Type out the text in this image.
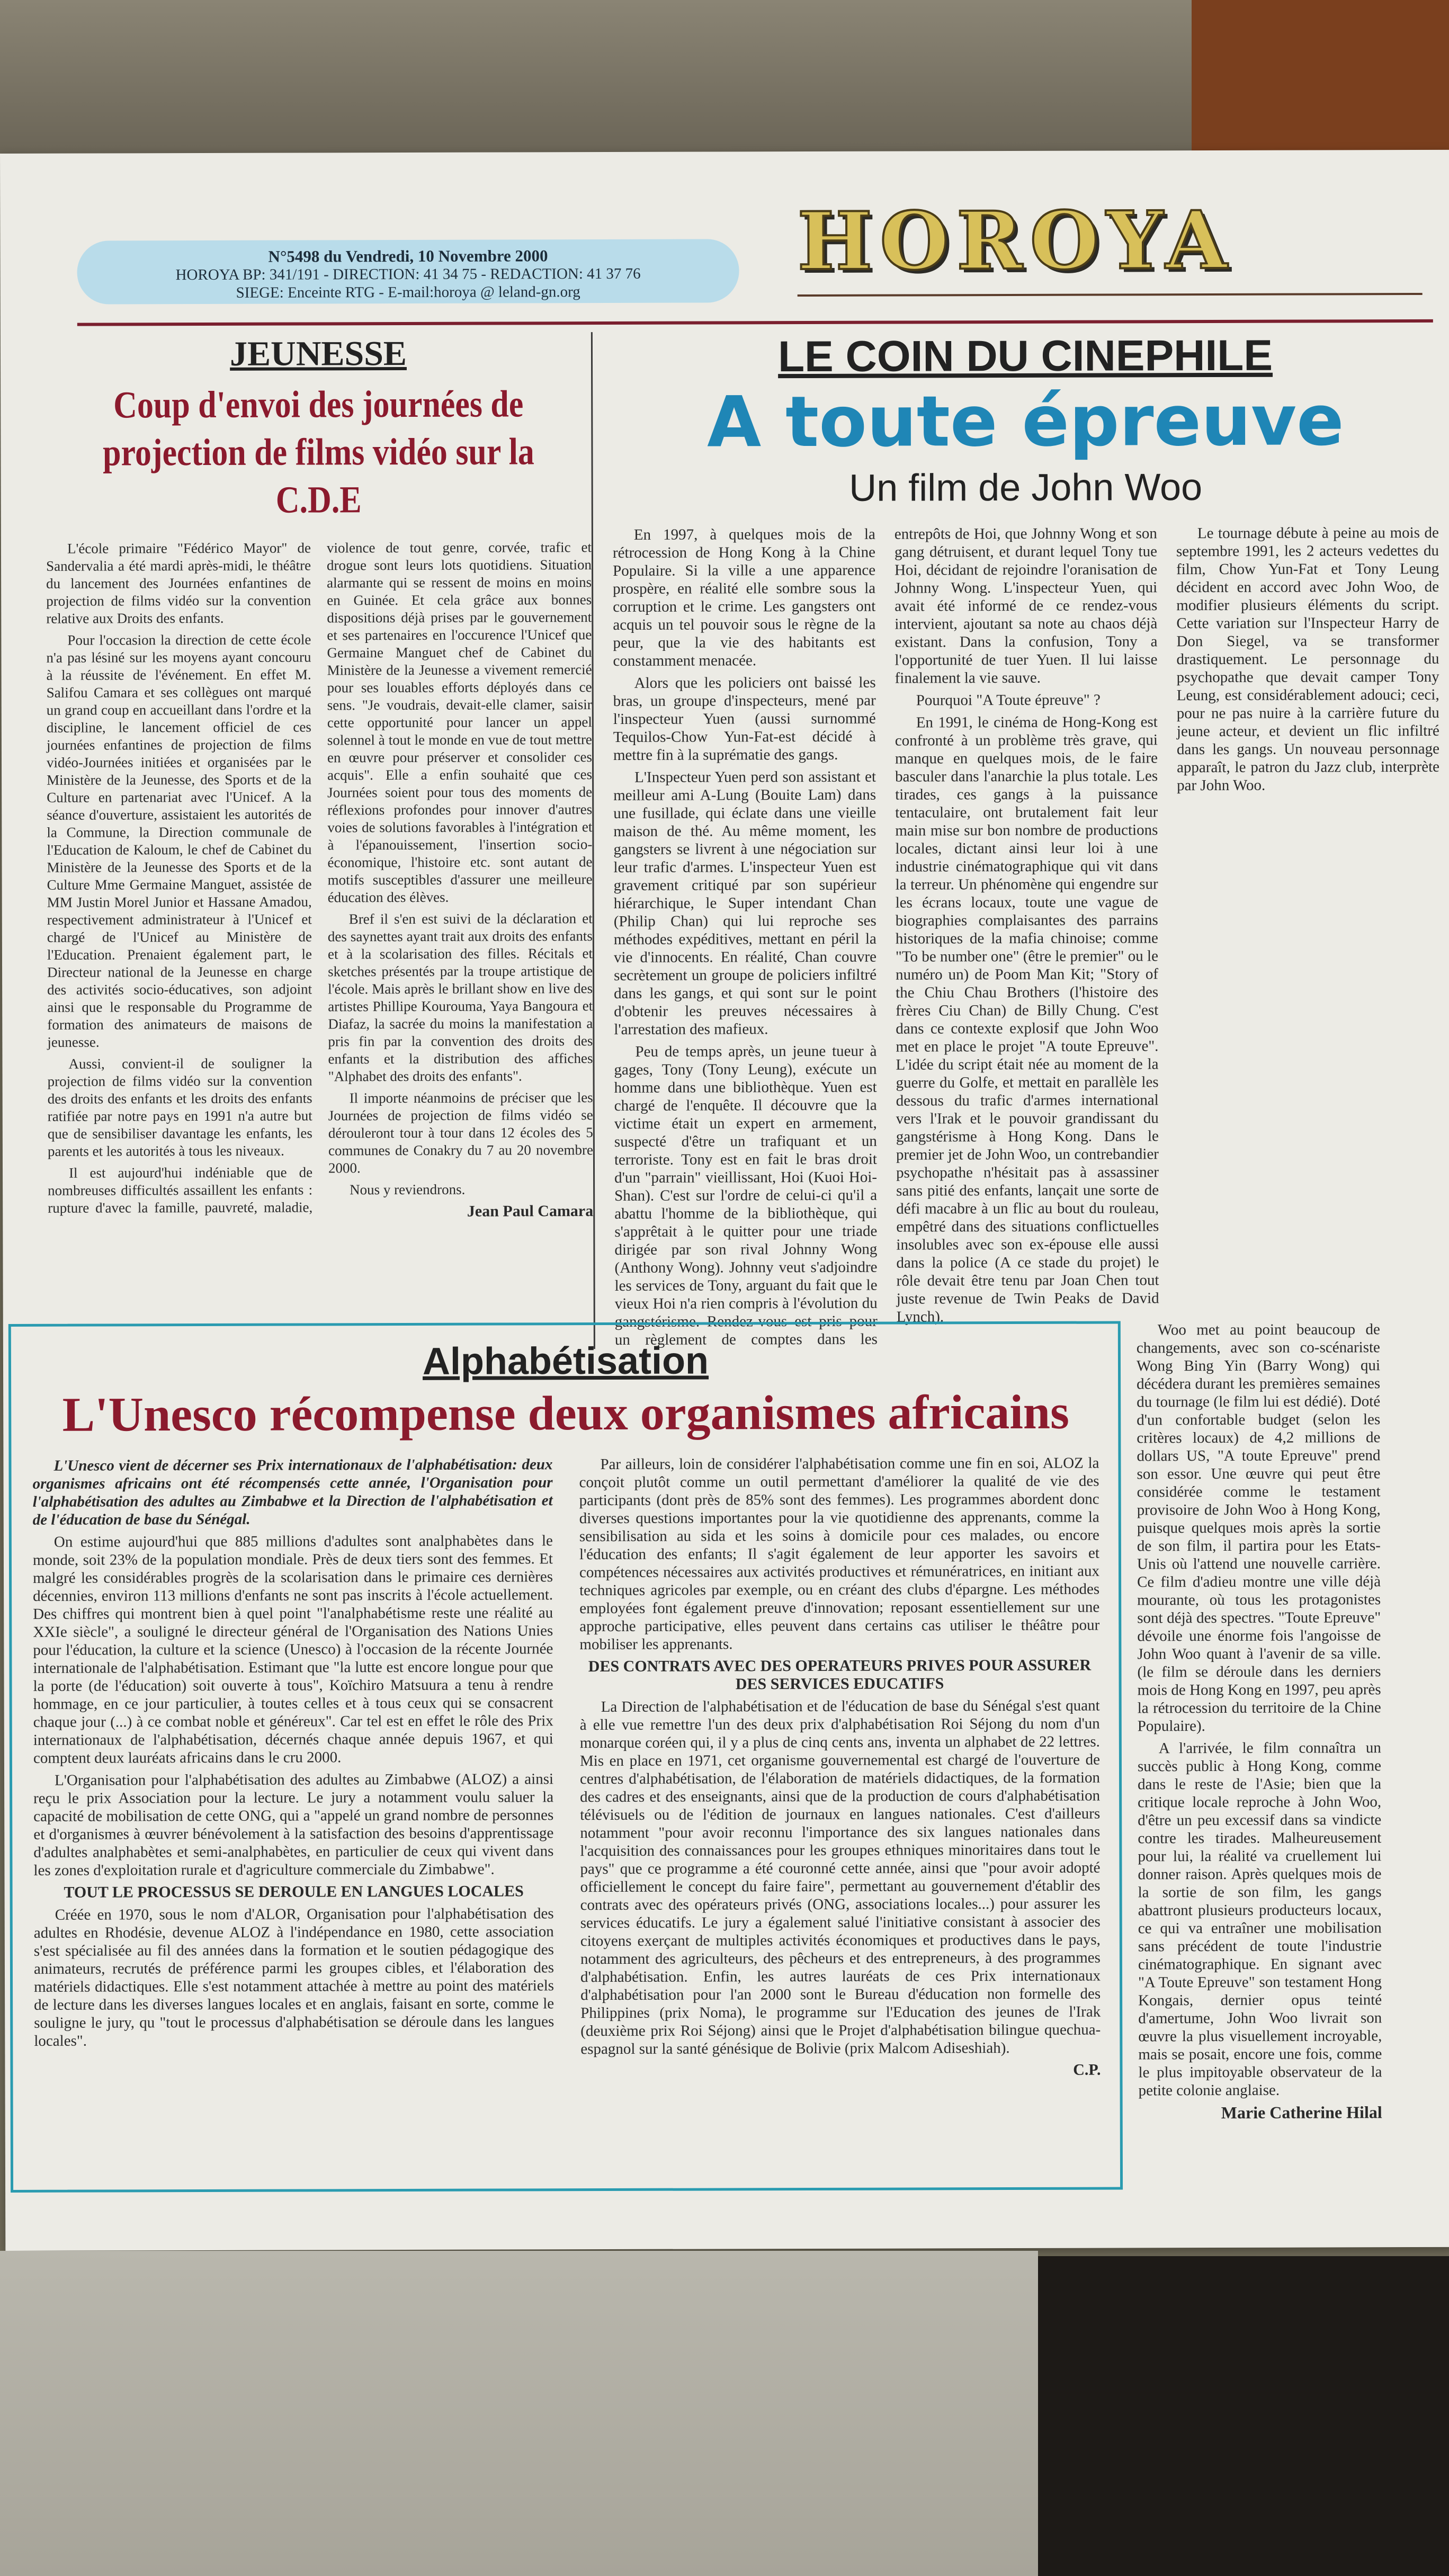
N°5498 du Vendredi, 10 Novembre 2000
HOROYA BP: 341/191 - DIRECTION: 41 34 75 - REDACTION: 41 37 76
SIEGE: Enceinte RTG - E-mail:horoya @ leland-gn.org
HOROYA
JEUNESSE
Coup d'envoi des journées de projection de films vidéo sur la C.D.E

L'école primaire "Fédérico Mayor" de Sandervalia a été mardi après-midi, le théâtre du lancement des Journées enfantines de projection de films vidéo sur la convention relative aux Droits des enfants.

Pour l'occasion la direction de cette école n'a pas lésiné sur les moyens ayant concouru à la réussite de l'événement. En effet M. Salifou Camara et ses collègues ont marqué un grand coup en accueillant dans l'ordre et la discipline, le lancement officiel de ces journées enfantines de projection de films vidéo-Journées initiées et organisées par le Ministère de la Jeunesse, des Sports et de la Culture en partenariat avec l'Unicef. A la séance d'ouverture, assistaient les autorités de la Commune, la Direction communale de l'Education de Kaloum, le chef de Cabinet du Ministère de la Jeunesse des Sports et de la Culture Mme Germaine Manguet, assistée de MM Justin Morel Junior et Hassane Amadou, respectivement administrateur à l'Unicef et chargé de l'Unicef au Ministère de l'Education. Prenaient également part, le Directeur national de la Jeunesse en charge des activités socio-éducatives, son adjoint ainsi que le responsable du Programme de formation des animateurs de maisons de jeunesse.

Aussi, convient-il de souligner la projection de films vidéo sur la convention des droits des enfants et les droits des enfants ratifiée par notre pays en 1991 n'a autre but que de sensibiliser davantage les enfants, les parents et les autorités à tous les niveaux.

Il est aujourd'hui indéniable que de nombreuses difficultés assaillent les enfants : rupture d'avec la famille, pauvreté, maladie, violence de tout genre, corvée, trafic et drogue sont leurs lots quotidiens. Situation alarmante qui se ressent de moins en moins en Guinée. Et cela grâce aux bonnes dispositions déjà prises par le gouvernement et ses partenaires en l'occurence l'Unicef que Germaine Manguet chef de Cabinet du Ministère de la Jeunesse a vivement remercié pour ses louables efforts déployés dans ce sens. "Je voudrais, devait-elle clamer, saisir cette opportunité pour lancer un appel solennel à tout le monde en vue de tout mettre en œuvre pour préserver et consolider ces acquis". Elle a enfin souhaité que ces Journées soient pour tous des moments de réflexions profondes pour innover d'autres voies de solutions favorables à l'intégration et à l'épanouissement, l'insertion socio-économique, l'histoire etc. sont autant de motifs susceptibles d'assurer une meilleure éducation des élèves.

Bref il s'en est suivi de la déclaration et des saynettes ayant trait aux droits des enfants et à la scolarisation des filles. Récitals et sketches présentés par la troupe artistique de l'école. Mais après le brillant show en live des artistes Phillipe Kourouma, Yaya Bangoura et Diafaz, la sacrée du moins la manifestation a pris fin par la convention des droits des enfants et la distribution des affiches "Alphabet des droits des enfants".

Il importe néanmoins de préciser que les Journées de projection de films vidéo se dérouleront tour à tour dans 12 écoles des 5 communes de Conakry du 7 au 20 novembre 2000.

Nous y reviendrons.

Jean Paul Camara
LE COIN DU CINEPHILE
A toute épreuve
Un film de John Woo

En 1997, à quelques mois de la rétrocession de Hong Kong à la Chine Populaire. Si la ville a une apparence prospère, en réalité elle sombre sous la corruption et le crime. Les gangsters ont acquis un tel pouvoir sous le règne de la peur, que la vie des habitants est constamment menacée.

Alors que les policiers ont baissé les bras, un groupe d'inspecteurs, mené par l'inspecteur Yuen (aussi surnommé Tequilos-Chow Yun-Fat-est décidé à mettre fin à la suprématie des gangs.

L'Inspecteur Yuen perd son assistant et meilleur ami A-Lung (Bouite Lam) dans une fusillade, qui éclate dans une vieille maison de thé. Au même moment, les gangsters se livrent à une négociation sur leur trafic d'armes. L'inspecteur Yuen est gravement critiqué par son supérieur hiérarchique, le Super intendant Chan (Philip Chan) qui lui reproche ses méthodes expéditives, mettant en péril la vie d'innocents. En réalité, Chan couvre secrètement un groupe de policiers infiltré dans les gangs, et qui sont sur le point d'obtenir les preuves nécessaires à l'arrestation des mafieux.

Peu de temps après, un jeune tueur à gages, Tony (Tony Leung), exécute un homme dans une bibliothèque. Yuen est chargé de l'enquête. Il découvre que la victime était un expert en armement, suspecté d'être un trafiquant et un terroriste. Tony est en fait le bras droit d'un "parrain" vieillissant, Hoi (Kuoi Hoi-Shan). C'est sur l'ordre de celui-ci qu'il a abattu l'homme de la bibliothèque, qui s'apprêtait à le quitter pour une triade dirigée par son rival Johnny Wong (Anthony Wong). Johnny veut s'adjoindre les services de Tony, arguant du fait que le vieux Hoi n'a rien compris à l'évolution du gangstérisme. Rendez-vous est pris pour un règlement de comptes dans les entrepôts de Hoi, que Johnny Wong et son gang détruisent, et durant lequel Tony tue Hoi, décidant de rejoindre l'oranisation de Johnny Wong. L'inspecteur Yuen, qui avait été informé de ce rendez-vous intervient, ajoutant sa note au chaos déjà existant. Dans la confusion, Tony a l'opportunité de tuer Yuen. Il lui laisse finalement la vie sauve.

Pourquoi "A Toute épreuve" ?

En 1991, le cinéma de Hong-Kong est confronté à un problème très grave, qui manque en quelques mois, de le faire basculer dans l'anarchie la plus totale. Les tirades, ces gangs à la puissance tentaculaire, ont brutalement fait leur main mise sur bon nombre de productions locales, dictant ainsi leur loi à une industrie cinématographique qui vit dans la terreur. Un phénomène qui engendre sur les écrans locaux, toute une vague de biographies complaisantes des parrains historiques de la mafia chinoise; comme "To be number one" (être le premier" ou le numéro un) de Poom Man Kit; "Story of the Chiu Chau Brothers (l'histoire des frères Ciu Chan) de Billy Chung. C'est dans ce contexte explosif que John Woo met en place le projet "A toute Epreuve". L'idée du script était née au moment de la guerre du Golfe, et mettait en parallèle les dessous du trafic d'armes international vers l'Irak et le pouvoir grandissant du gangstérisme à Hong Kong. Dans le premier jet de John Woo, un contrebandier psychopathe n'hésitait pas à assassiner sans pitié des enfants, lançait une sorte de défi macabre à un flic au bout du rouleau, empêtré dans des situations conflictuelles insolubles avec son ex-épouse elle aussi dans la police (A ce stade du projet) le rôle devait être tenu par Joan Chen tout juste revenue de Twin Peaks de David Lynch).

Le tournage débute à peine au mois de septembre 1991, les 2 acteurs vedettes du film, Chow Yun-Fat et Tony Leung décident en accord avec John Woo, de modifier plusieurs éléments du script. Cette variation sur l'Inspecteur Harry de Don Siegel, va se transformer drastiquement. Le personnage du psychopathe que devait camper Tony Leung, est considérablement adouci; ceci, pour ne pas nuire à la carrière future du jeune acteur, et devient un flic infiltré dans les gangs. Un nouveau personnage apparaît, le patron du Jazz club, interprète par John Woo.

Alphabétisation
L'Unesco récompense deux organismes africains

L'Unesco vient de décerner ses Prix internationaux de l'alphabétisation: deux organismes africains ont été récompensés cette année, l'Organisation pour l'alphabétisation des adultes au Zimbabwe et la Direction de l'alphabétisation et de l'éducation de base du Sénégal.

On estime aujourd'hui que 885 millions d'adultes sont analphabètes dans le monde, soit 23% de la population mondiale. Près de deux tiers sont des femmes. Et malgré les considérables progrès de la scolarisation dans le primaire ces dernières décennies, environ 113 millions d'enfants ne sont pas inscrits à l'école actuellement. Des chiffres qui montrent bien à quel point "l'analphabétisme reste une réalité au XXIe siècle", a souligné le directeur général de l'Organisation des Nations Unies pour l'éducation, la culture et la science (Unesco) à l'occasion de la récente Journée internationale de l'alphabétisation. Estimant que "la lutte est encore longue pour que la porte (de l'éducation) soit ouverte à tous", Koïchiro Matsuura a tenu à rendre hommage, en ce jour particulier, à toutes celles et à tous ceux qui se consacrent chaque jour (...) à ce combat noble et généreux". Car tel est en effet le rôle des Prix internationaux de l'alphabétisation, décernés chaque année depuis 1967, et qui comptent deux lauréats africains dans le cru 2000.

L'Organisation pour l'alphabétisation des adultes au Zimbabwe (ALOZ) a ainsi reçu le prix Association pour la lecture. Le jury a notamment voulu saluer la capacité de mobilisation de cette ONG, qui a "appelé un grand nombre de personnes et d'organismes à œuvrer bénévolement à la satisfaction des besoins d'apprentissage d'adultes analphabètes et semi-analphabètes, en particulier de ceux qui vivent dans les zones d'exploitation rurale et d'agriculture commerciale du Zimbabwe".

TOUT LE PROCESSUS SE DEROULE EN LANGUES LOCALES

Créée en 1970, sous le nom d'ALOR, Organisation pour l'alphabétisation des adultes en Rhodésie, devenue ALOZ à l'indépendance en 1980, cette association s'est spécialisée au fil des années dans la formation et le soutien pédagogique des animateurs, recrutés de préférence parmi les groupes cibles, et l'élaboration des matériels didactiques. Elle s'est notamment attachée à mettre au point des matériels de lecture dans les diverses langues locales et en anglais, faisant en sorte, comme le souligne le jury, qu "tout le processus d'alphabétisation se déroule dans les langues locales".

Par ailleurs, loin de considérer l'alphabétisation comme une fin en soi, ALOZ la conçoit plutôt comme un outil permettant d'améliorer la qualité de vie des participants (dont près de 85% sont des femmes). Les programmes abordent donc diverses questions importantes pour la vie quotidienne des apprenants, comme la sensibilisation au sida et les soins à domicile pour ces malades, ou encore l'éducation des enfants; Il s'agit également de leur apporter les savoirs et compétences nécessaires aux activités productives et rémunératrices, en initiant aux techniques agricoles par exemple, ou en créant des clubs d'épargne. Les méthodes employées font également preuve d'innovation; reposant essentiellement sur une approche participative, elles peuvent dans certains cas utiliser le théâtre pour mobiliser les apprenants.

DES CONTRATS AVEC DES OPERATEURS PRIVES POUR ASSURER DES SERVICES EDUCATIFS

La Direction de l'alphabétisation et de l'éducation de base du Sénégal s'est quant à elle vue remettre l'un des deux prix d'alphabétisation Roi Séjong du nom d'un monarque coréen qui, il y a plus de cinq cents ans, inventa un alphabet de 22 lettres. Mis en place en 1971, cet organisme gouvernemental est chargé de l'ouverture de centres d'alphabétisation, de l'élaboration de matériels didactiques, de la formation des cadres et des enseignants, ainsi que de la production de cours d'alphabétisation télévisuels ou de l'édition de journaux en langues nationales. C'est d'ailleurs notamment "pour avoir reconnu l'importance des six langues nationales dans l'acquisition des connaissances pour les groupes ethniques minoritaires dans tout le pays" que ce programme a été couronné cette année, ainsi que "pour avoir adopté officiellement le concept du faire faire", permettant au gouvernement d'établir des contrats avec des opérateurs privés (ONG, associations locales...) pour assurer les services éducatifs. Le jury a également salué l'initiative consistant à associer des citoyens exerçant de multiples activités économiques et productives dans le pays, notamment des agriculteurs, des pêcheurs et des entrepreneurs, à des programmes d'alphabétisation. Enfin, les autres lauréats de ces Prix internationaux d'alphabétisation pour l'an 2000 sont le Bureau d'éducation non formelle des Philippines (prix Noma), le programme sur l'Education des jeunes de l'Irak (deuxième prix Roi Séjong) ainsi que le Projet d'alphabétisation bilingue quechua-espagnol sur la santé génésique de Bolivie (prix Malcom Adiseshiah).

C.P.

Woo met au point beaucoup de changements, avec son co-scénariste Wong Bing Yin (Barry Wong) qui décédera durant les premières semaines du tournage (le film lui est dédié). Doté d'un confortable budget (selon les critères locaux) de 4,2 millions de dollars US, "A toute Epreuve" prend son essor. Une œuvre qui peut être considérée comme le testament provisoire de John Woo à Hong Kong, puisque quelques mois après la sortie de son film, il partira pour les Etats-Unis où l'attend une nouvelle carrière. Ce film d'adieu montre une ville déjà mourante, où tous les protagonistes sont déjà des spectres. "Toute Epreuve" dévoile une énorme fois l'angoisse de John Woo quant à l'avenir de sa ville. (le film se déroule dans les derniers mois de Hong Kong en 1997, peu après la rétrocession du territoire de la Chine Populaire).

A l'arrivée, le film connaîtra un succès public à Hong Kong, comme dans le reste de l'Asie; bien que la critique locale reproche à John Woo, d'être un peu excessif dans sa vindicte contre les tirades. Malheureusement pour lui, la réalité va cruellement lui donner raison. Après quelques mois de la sortie de son film, les gangs abattront plusieurs producteurs locaux, ce qui va entraîner une mobilisation sans précédent de toute l'industrie cinématographique. En signant avec "A Toute Epreuve" son testament Hong Kongais, dernier opus teinté d'amertume, John Woo livrait son œuvre la plus visuellement incroyable, mais se posait, encore une fois, comme le plus impitoyable observateur de la petite colonie anglaise.

Marie Catherine Hilal
